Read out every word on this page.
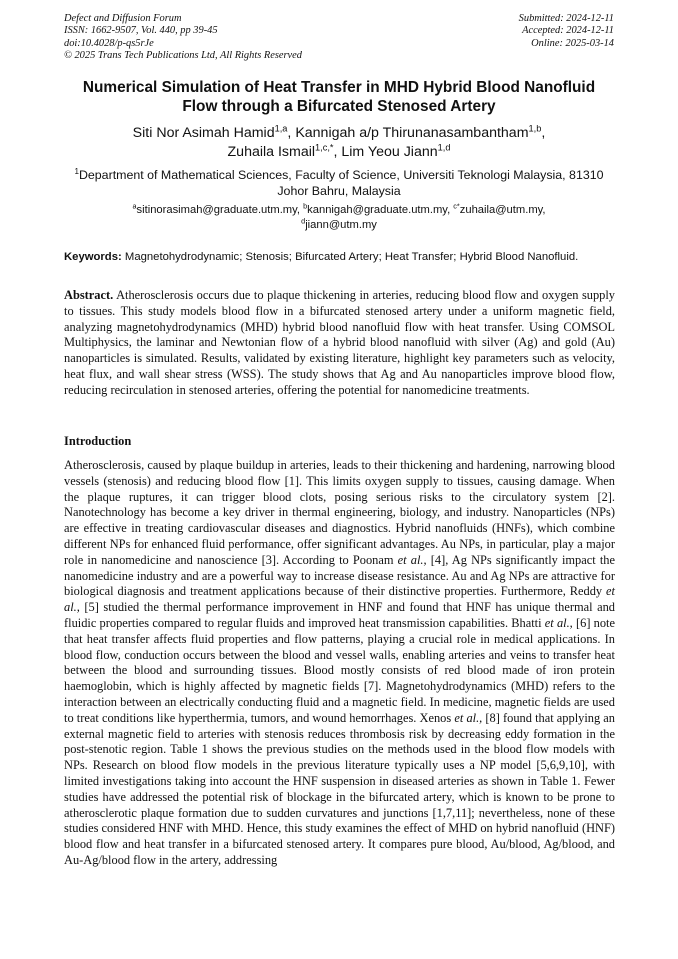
Defect and Diffusion Forum
ISSN: 1662-9507, Vol. 440, pp 39-45
doi:10.4028/p-qs5rJe
© 2025 Trans Tech Publications Ltd, All Rights Reserved
Submitted: 2024-12-11
Accepted: 2024-12-11
Online: 2025-03-14
Numerical Simulation of Heat Transfer in MHD Hybrid Blood Nanofluid
Flow through a Bifurcated Stenosed Artery
Siti Nor Asimah Hamid$^{1,a}$, Kannigah a/p Thirunanasambantham$^{1,b}$,
Zuhaila Ismail$^{1,c,*}$, Lim Yeou Jiann$^{1,d}$
$^1$Department of Mathematical Sciences, Faculty of Science, Universiti Teknologi Malaysia, 81310
Johor Bahru, Malaysia
$^a$sitinorasimah@graduate.utm.my, $^b$kannigah@graduate.utm.my, $^{c*}$zuhaila@utm.my,
$^d$jiann@utm.my
Keywords: Magnetohydrodynamic; Stenosis; Bifurcated Artery; Heat Transfer; Hybrid Blood Nanofluid.
Abstract. Atherosclerosis occurs due to plaque thickening in arteries, reducing blood flow and oxygen supply to tissues. This study models blood flow in a bifurcated stenosed artery under a uniform magnetic field, analyzing magnetohydrodynamics (MHD) hybrid blood nanofluid flow with heat transfer. Using COMSOL Multiphysics, the laminar and Newtonian flow of a hybrid blood nanofluid with silver (Ag) and gold (Au) nanoparticles is simulated. Results, validated by existing literature, highlight key parameters such as velocity, heat flux, and wall shear stress (WSS). The study shows that Ag and Au nanoparticles improve blood flow, reducing recirculation in stenosed arteries, offering the potential for nanomedicine treatments.
Introduction
Atherosclerosis, caused by plaque buildup in arteries, leads to their thickening and hardening, narrowing blood vessels (stenosis) and reducing blood flow [1]. This limits oxygen supply to tissues, causing damage. When the plaque ruptures, it can trigger blood clots, posing serious risks to the circulatory system [2]. Nanotechnology has become a key driver in thermal engineering, biology, and industry. Nanoparticles (NPs) are effective in treating cardiovascular diseases and diagnostics. Hybrid nanofluids (HNFs), which combine different NPs for enhanced fluid performance, offer significant advantages. Au NPs, in particular, play a major role in nanomedicine and nanoscience [3]. According to Poonam et al., [4], Ag NPs significantly impact the nanomedicine industry and are a powerful way to increase disease resistance. Au and Ag NPs are attractive for biological diagnosis and treatment applications because of their distinctive properties. Furthermore, Reddy et al., [5] studied the thermal performance improvement in HNF and found that HNF has unique thermal and fluidic properties compared to regular fluids and improved heat transmission capabilities. Bhatti et al., [6] note that heat transfer affects fluid properties and flow patterns, playing a crucial role in medical applications. In blood flow, conduction occurs between the blood and vessel walls, enabling arteries and veins to transfer heat between the blood and surrounding tissues. Blood mostly consists of red blood made of iron protein haemoglobin, which is highly affected by magnetic fields [7]. Magnetohydrodynamics (MHD) refers to the interaction between an electrically conducting fluid and a magnetic field. In medicine, magnetic fields are used to treat conditions like hyperthermia, tumors, and wound hemorrhages. Xenos et al., [8] found that applying an external magnetic field to arteries with stenosis reduces thrombosis risk by decreasing eddy formation in the post-stenotic region. Table 1 shows the previous studies on the methods used in the blood flow models with NPs. Research on blood flow models in the previous literature typically uses a NP model [5,6,9,10], with limited investigations taking into account the HNF suspension in diseased arteries as shown in Table 1. Fewer studies have addressed the potential risk of blockage in the bifurcated artery, which is known to be prone to atherosclerotic plaque formation due to sudden curvatures and junctions [1,7,11]; nevertheless, none of these studies considered HNF with MHD. Hence, this study examines the effect of MHD on hybrid nanofluid (HNF) blood flow and heat transfer in a bifurcated stenosed artery. It compares pure blood, Au/blood, Ag/blood, and Au-Ag/blood flow in the artery, addressing
